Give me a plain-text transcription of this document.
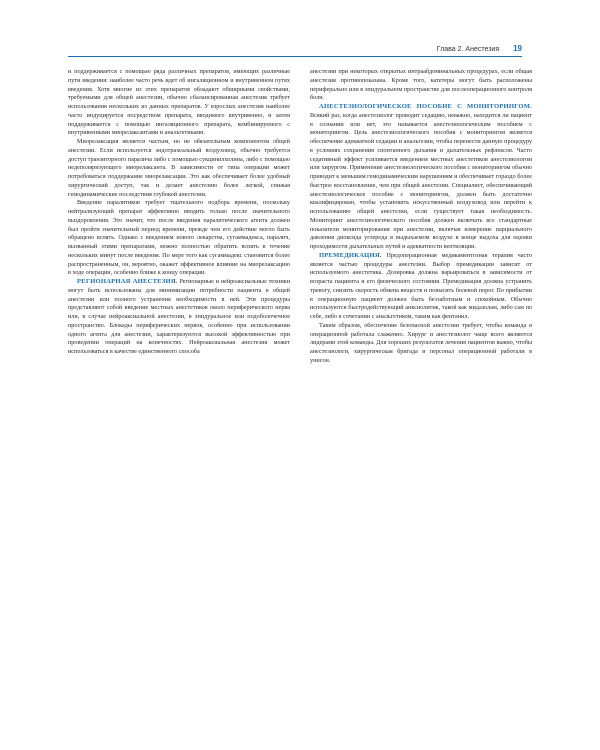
Глава 2. Анестезия 19

и поддерживается с помощью ряда различных препаратов, имеющих различные пути введения: наиболее часто речь идет об ингаляционном и внутривенном путях введения. Хотя многие из этих препаратов обладают обширными свойствами, требуемыми для общей анестезии, обычно сбалансированная анестезия требует использования нескольких из данных препаратов. У взрослых анестезия наиболее часто индуцируется посредством препарата, вводимого внутривенно, и затем поддерживается с помощью ингаляционного препарата, комбинируемого с внутривенными миорелаксантами и анальгетиками.

Миорелаксация является частым, но не обязательным компонентом общей анестезии. Если используется эндотрахеальный воздуховод, обычно требуется доступ транзиторного паралича либо с помощью сукцинилхолина, либо с помощью недеполяризующего миорелаксанта. В зависимости от типа операции может потребоваться поддержание миорелаксации. Это как обеспечивает более удобный хирургический доступ, так и делает анестезию более легкой, снижая гемодинамические последствия глубокой анестезии.

Введение паралитиков требует тщательного подбора времени, поскольку нейтрализующий препарат эффективно вводить только после значительного выздоровления. Это значит, что после введения паралитического агента должен был пройти значительный период времени, прежде чем его действие могло быть обращено вспять. Однако с введением нового лекарства, сугаммадекса, паралич, вызванный этими препаратами, можно полностью обратить вспять в течение нескольких минут после введения. По мере того как сугаммадекс становится более распространенным, он, вероятно, окажет эффективное влияние на миорелаксацию в ходе операции, особенно ближе к концу операции.

РЕГИОНАРНАЯ АНЕСТЕЗИЯ. Регионарные и нейроаксиальные техники могут быть использованы для минимизации потребности пациента в общей анестезии или полного устранения необходимости в ней. Эти процедуры представляют собой введение местных анестетиков около периферического нерва или, в случае нейроаксиальной анестезии, в эпидуральное или подоболочечное пространство. Блокады периферических нервов, особенно при использовании одного агента для анестезии, характеризуются высокой эффективностью при проведении операций на конечностях. Нейроаксиальная анестезия может использоваться в качестве единственного способа

анестезии при некоторых открытых интраабдоминальных процедурах, если общая анестезия противопоказана. Кроме того, катетеры могут быть расположены периферально или в эпидуральном пространстве для послеоперационного контроля боли.

АНЕСТЕЗИОЛОГИЧЕСКОЕ ПОСОБИЕ С МОНИТОРИНГОМ. Всякий раз, когда анестезиолог проводит седацию, неважно, находится ли пациент в сознании или нет, это называется анестезиологическим пособием с мониторингом. Цель анестезиологического пособия с мониторингом является обеспечение адекватной седации и анальгезии, чтобы перенести данную процедуру в условиях сохранения спонтанного дыхания и дыхательных рефлексов. Часто седативный эффект усиливается введением местных анестетиков анестезиологом или хирургом. Применение анестезиологического пособия с мониторингом обычно приводит к меньшим гемодинамическим нарушениям и обеспечивает гораздо более быстрое восстановление, чем при общей анестезии. Специалист, обеспечивающий анестезиологическое пособие с мониторингом, должен быть достаточно квалифицирован, чтобы установить искусственный воздуховод или перейти к использованию общей анестезии, если существует такая необходимость. Мониторинг анестезиологического пособия должен включать все стандартные показатели мониторирования при анестезии, включая измерение парциального давления диоксида углерода в выдыхаемом воздухе в конце выдоха для оценки проходимости дыхательных путей и адекватности вентиляции.

ПРЕМЕДИКАЦИЯ. Предоперационная медикаментозная терапия часто является частью процедуры анестезии. Выбор премедикации зависит от используемого анестетика. Дозировка должна варьироваться в зависимости от возраста пациента и его физического состояния. Премедикация должна устранить тревогу, снизить скорость обмена веществ и повысить болевой порог. По прибытии в операционную пациент должен быть беззаботным и спокойным. Обычно используются быстродействующий анксиолитик, такой как мидазолам, либо сам по себе, либо в сочетании с анальгетиком, таким как фентанил.

Таким образом, обеспечение безопасной анестезии требует, чтобы команда в операционной работала слаженно. Хирург и анестезиолог чаще всего являются лидерами этой команды. Для хороших результатов лечения пациентов важно, чтобы анестезиологи, хирургическая бригада и персонал операционной работали в унисон.
